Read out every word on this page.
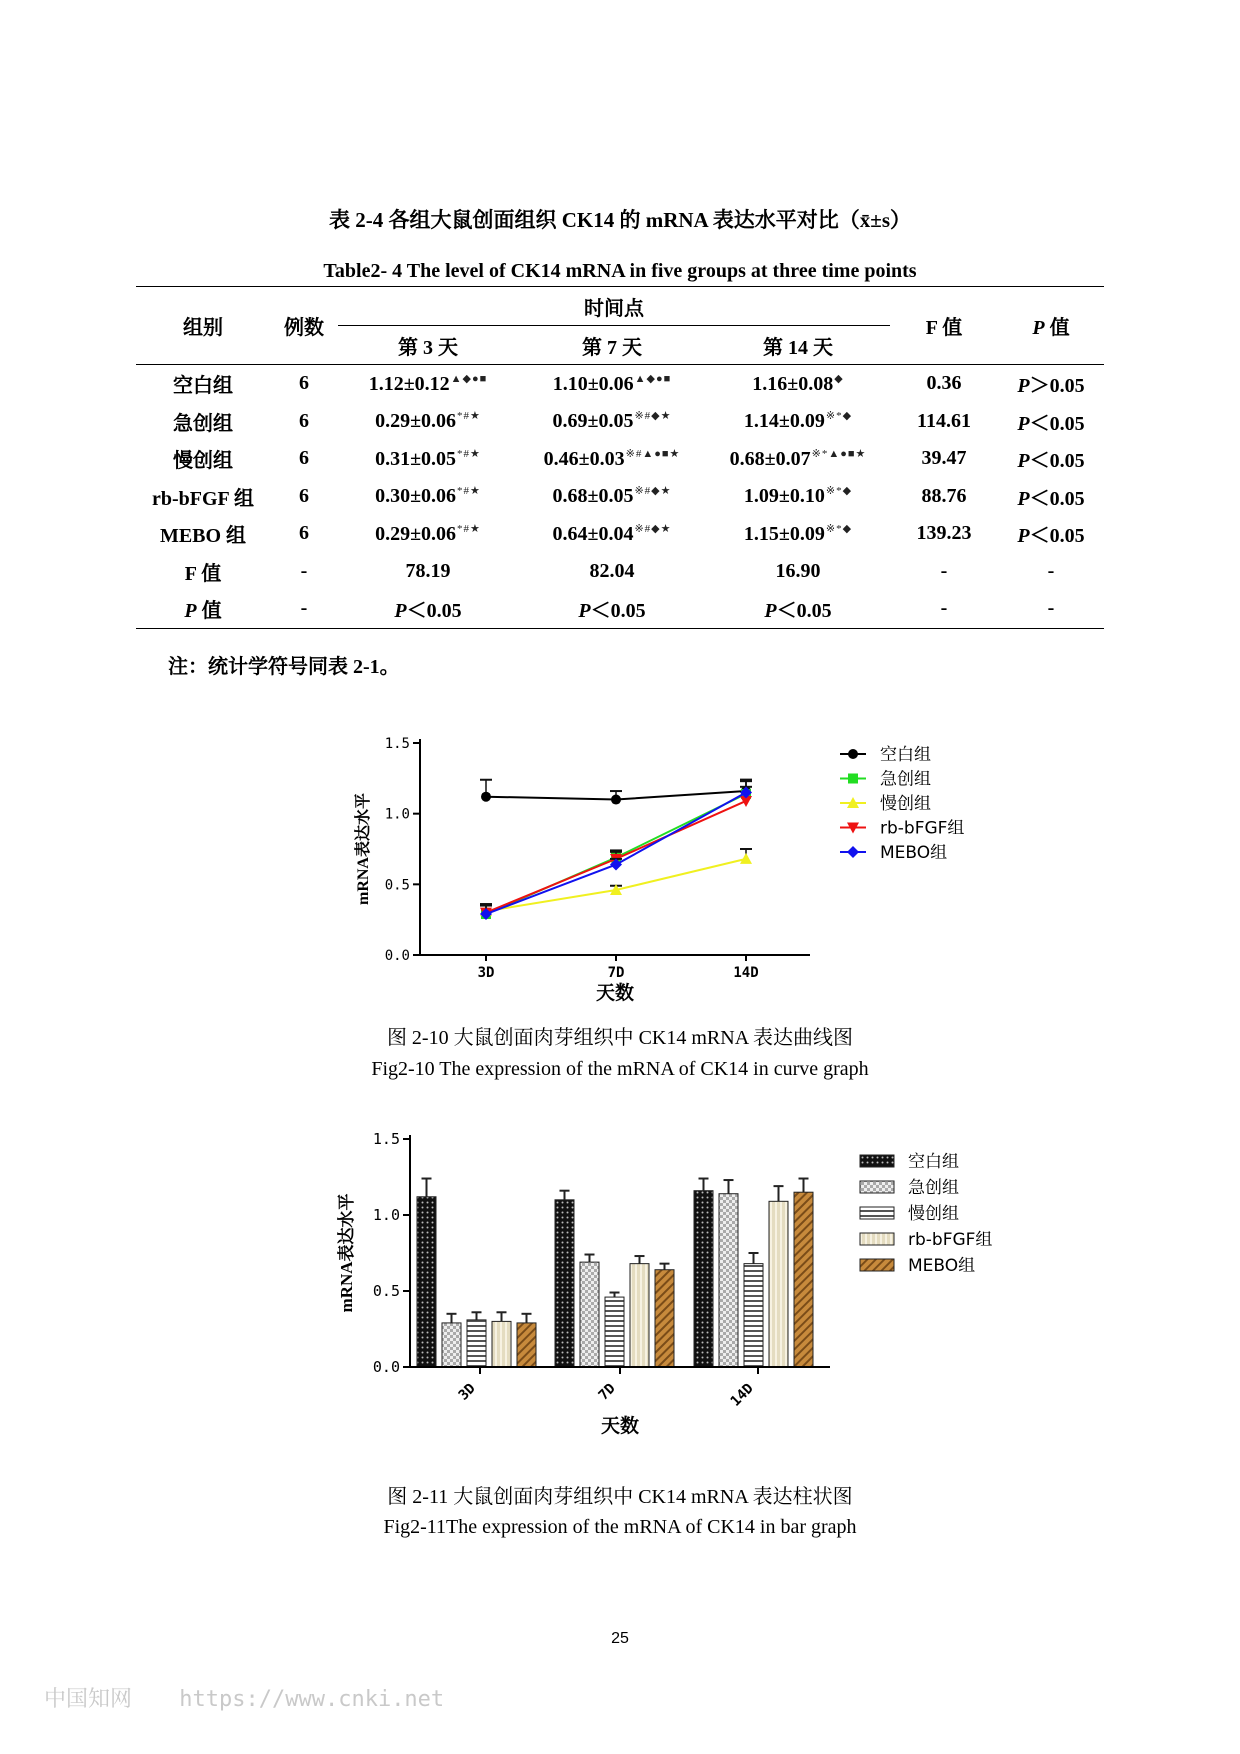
表 2-4 各组大鼠创面组织 CK14 的 mRNA 表达水平对比（x̄±s）
Table2- 4 The level of CK14 mRNA in five groups at three time points
组别	例数	时间点			F 值	P 值
		第 3 天	第 7 天	第 14 天		
空白组	6	1.12±0.12▲◆●■	1.10±0.06▲◆●■	1.16±0.08◆	0.36	P＞0.05
急创组	6	0.29±0.06*#★	0.69±0.05※#◆★	1.14±0.09※*◆	114.61	P＜0.05
慢创组	6	0.31±0.05*#★	0.46±0.03※#▲●■★	0.68±0.07※*▲●■★	39.47	P＜0.05
rb-bFGF 组	6	0.30±0.06*#★	0.68±0.05※#◆★	1.09±0.10※*◆	88.76	P＜0.05
MEBO 组	6	0.29±0.06*#★	0.64±0.04※#◆★	1.15±0.09※*◆	139.23	P＜0.05
F 值	-	78.19	82.04	16.90	-	-
P 值	-	P＜0.05	P＜0.05	P＜0.05	-	-
注：统计学符号同表 2-1。
0.0
0.5
1.0
1.5
3D	7D	14D
天数
mRNA表达水平
空白组
急创组
慢创组
rb-bFGF组
MEBO组
图 2-10 大鼠创面肉芽组织中 CK14 mRNA 表达曲线图
Fig2-10 The expression of the mRNA of CK14 in curve graph
空白组
急创组
慢创组
rb-bFGF组
MEBO组
0.0
0.5
1.0
1.5
3D	7D	14D
天数
mRNA表达水平
图 2-11 大鼠创面肉芽组织中 CK14 mRNA 表达柱状图
Fig2-11The expression of the mRNA of CK14 in bar graph
25
中国知网 https://www.cnki.net
